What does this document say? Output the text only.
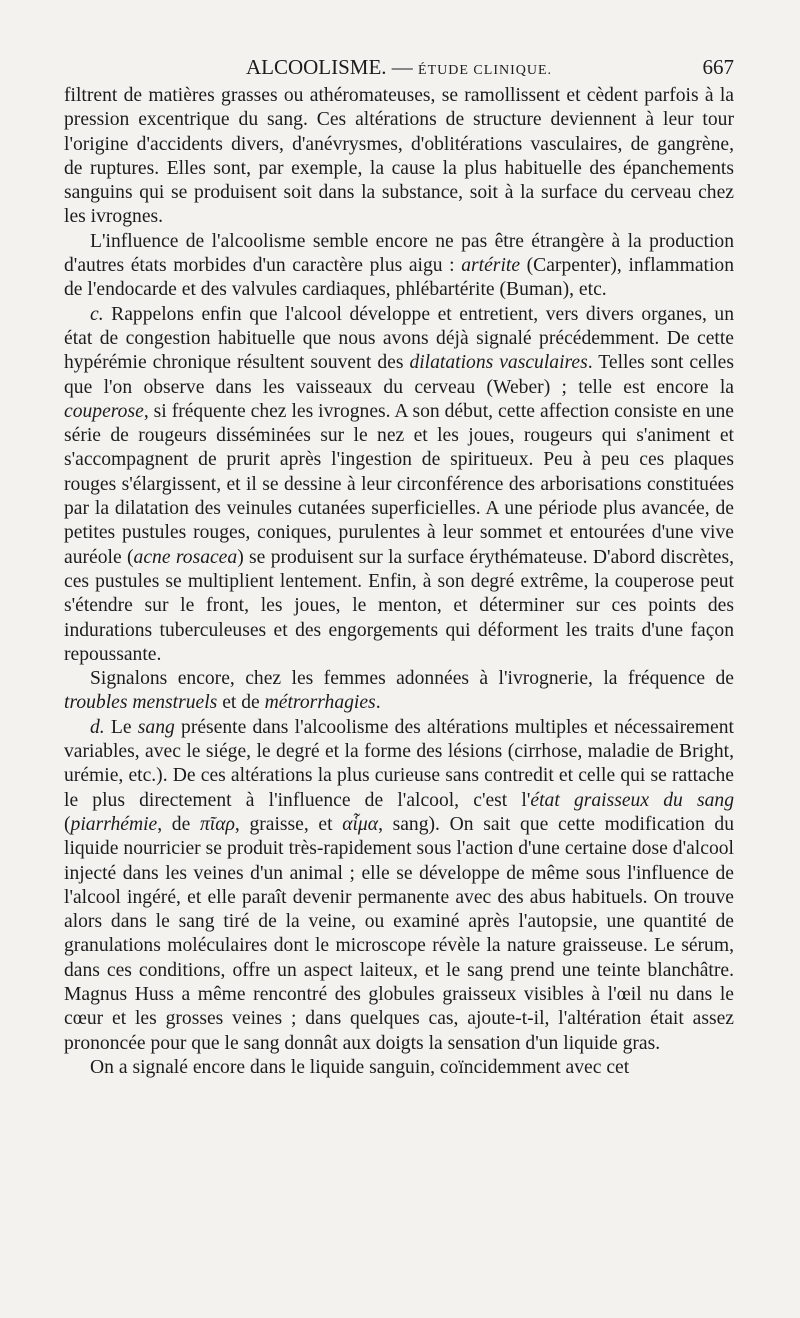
ALCOOLISME. — ÉTUDE CLINIQUE.	667

filtrent de matières grasses ou athéromateuses, se ramollissent et cèdent parfois à la pression excentrique du sang. Ces altérations de structure deviennent à leur tour l'origine d'accidents divers, d'anévrysmes, d'oblitérations vasculaires, de gangrène, de ruptures. Elles sont, par exemple, la cause la plus habituelle des épanchements sanguins qui se produisent soit dans la substance, soit à la surface du cerveau chez les ivrognes.

L'influence de l'alcoolisme semble encore ne pas être étrangère à la production d'autres états morbides d'un caractère plus aigu : artérite (Carpenter), inflammation de l'endocarde et des valvules cardiaques, phlébartérite (Buman), etc.

c. Rappelons enfin que l'alcool développe et entretient, vers divers organes, un état de congestion habituelle que nous avons déjà signalé précédemment. De cette hypérémie chronique résultent souvent des dilatations vasculaires. Telles sont celles que l'on observe dans les vaisseaux du cerveau (Weber) ; telle est encore la couperose, si fréquente chez les ivrognes. A son début, cette affection consiste en une série de rougeurs disséminées sur le nez et les joues, rougeurs qui s'animent et s'accompagnent de prurit après l'ingestion de spiritueux. Peu à peu ces plaques rouges s'élargissent, et il se dessine à leur circonférence des arborisations constituées par la dilatation des veinules cutanées superficielles. A une période plus avancée, de petites pustules rouges, coniques, purulentes à leur sommet et entourées d'une vive auréole (acne rosacea) se produisent sur la surface érythémateuse. D'abord discrètes, ces pustules se multiplient lentement. Enfin, à son degré extrême, la couperose peut s'étendre sur le front, les joues, le menton, et déterminer sur ces points des indurations tuberculeuses et des engorgements qui déforment les traits d'une façon repoussante.

Signalons encore, chez les femmes adonnées à l'ivrognerie, la fréquence de troubles menstruels et de métrorrhagies.

d. Le sang présente dans l'alcoolisme des altérations multiples et nécessairement variables, avec le siége, le degré et la forme des lésions (cirrhose, maladie de Bright, urémie, etc.). De ces altérations la plus curieuse sans contredit et celle qui se rattache le plus directement à l'influence de l'alcool, c'est l'état graisseux du sang (piarrhémie, de πῖαρ, graisse, et αἷμα, sang). On sait que cette modification du liquide nourricier se produit très-rapidement sous l'action d'une certaine dose d'alcool injecté dans les veines d'un animal ; elle se développe de même sous l'influence de l'alcool ingéré, et elle paraît devenir permanente avec des abus habituels. On trouve alors dans le sang tiré de la veine, ou examiné après l'autopsie, une quantité de granulations moléculaires dont le microscope révèle la nature graisseuse. Le sérum, dans ces conditions, offre un aspect laiteux, et le sang prend une teinte blanchâtre. Magnus Huss a même rencontré des globules graisseux visibles à l'œil nu dans le cœur et les grosses veines ; dans quelques cas, ajoute-t-il, l'altération était assez prononcée pour que le sang donnât aux doigts la sensation d'un liquide gras.

On a signalé encore dans le liquide sanguin, coïncidemment avec cet
